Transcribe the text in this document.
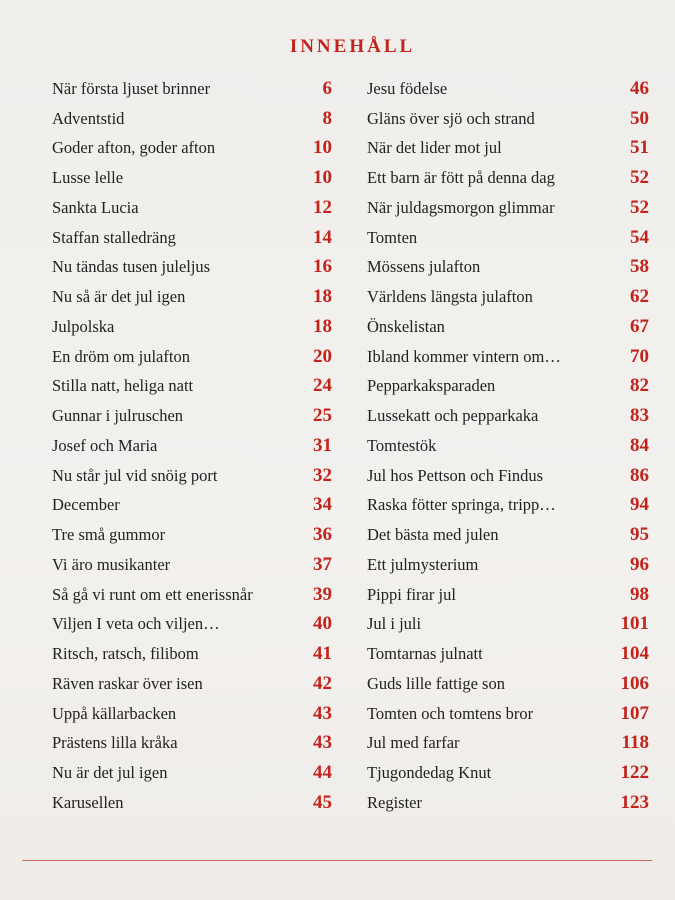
INNEHÅLL
När första ljuset brinner	6
Adventstid	8
Goder afton, goder afton	10
Lusse lelle	10
Sankta Lucia	12
Staffan stalledräng	14
Nu tändas tusen juleljus	16
Nu så är det jul igen	18
Julpolska	18
En dröm om julafton	20
Stilla natt, heliga natt	24
Gunnar i julruschen	25
Josef och Maria	31
Nu står jul vid snöig port	32
December	34
Tre små gummor	36
Vi äro musikanter	37
Så gå vi runt om ett enerissnår	39
Viljen I veta och viljen…	40
Ritsch, ratsch, filibom	41
Räven raskar över isen	42
Uppå källarbacken	43
Prästens lilla kråka	43
Nu är det jul igen	44
Karusellen	45
Jesu födelse	46
Gläns över sjö och strand	50
När det lider mot jul	51
Ett barn är fött på denna dag	52
När juldagsmorgon glimmar	52
Tomten	54
Mössens julafton	58
Världens längsta julafton	62
Önskelistan	67
Ibland kommer vintern om…	70
Pepparkaksparaden	82
Lussekatt och pepparkaka	83
Tomtestök	84
Jul hos Pettson och Findus	86
Raska fötter springa, tripp…	94
Det bästa med julen	95
Ett julmysterium	96
Pippi firar jul	98
Jul i juli	101
Tomtarnas julnatt	104
Guds lille fattige son	106
Tomten och tomtens bror	107
Jul med farfar	118
Tjugondedag Knut	122
Register	123
